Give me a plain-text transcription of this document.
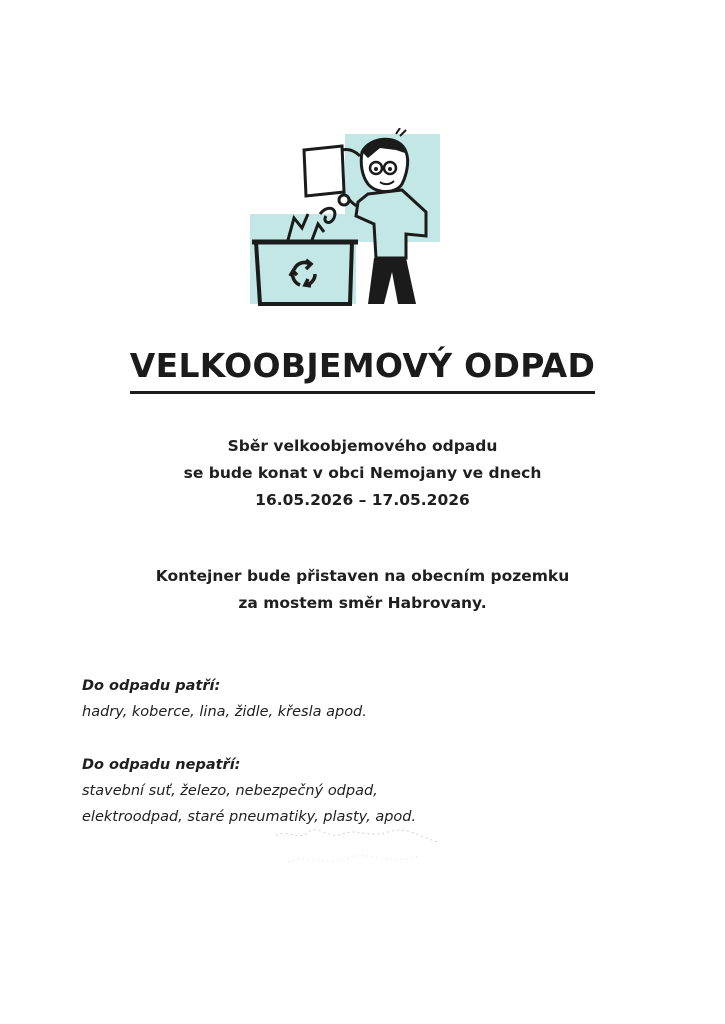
VELKOOBJEMOVÝ ODPAD
Sběr velkoobjemového odpadu
se bude konat v obci Nemojany ve dnech
16.05.2026 – 17.05.2026
Kontejner bude přistaven na obecním pozemku
za mostem směr Habrovany.
Do odpadu patří:
hadry, koberce, lina, židle, křesla apod.
Do odpadu nepatří:
stavební suť, železo, nebezpečný odpad,
elektroodpad, staré pneumatiky, plasty, apod.
